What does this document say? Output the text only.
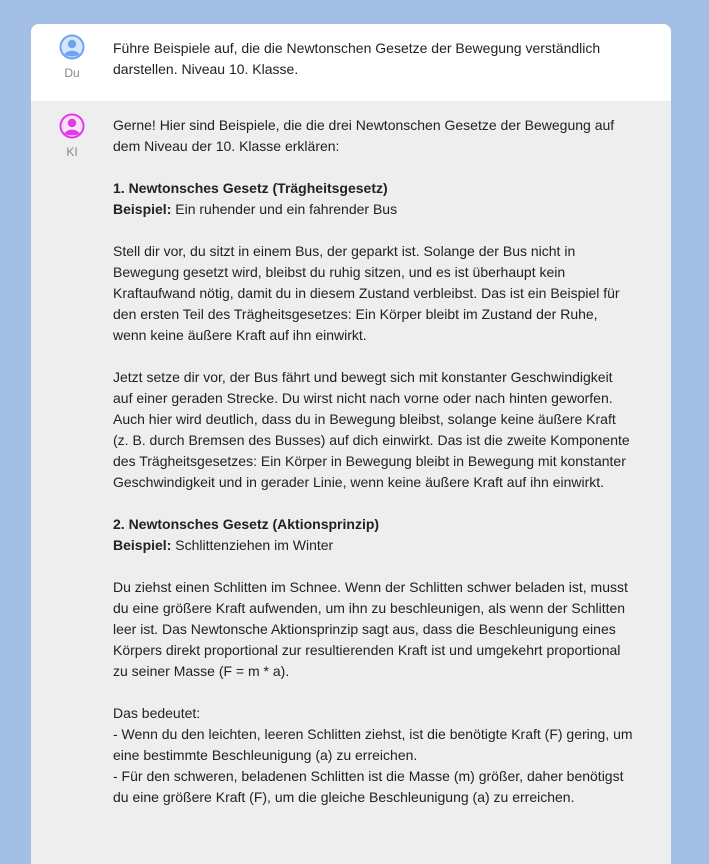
Du

Führe Beispiele auf, die die Newtonschen Gesetze der Bewegung verständlich darstellen. Niveau 10. Klasse.

KI

Gerne! Hier sind Beispiele, die die drei Newtonschen Gesetze der Bewegung auf dem Niveau der 10. Klasse erklären:

1. Newtonsches Gesetz (Trägheitsgesetz)

Beispiel: Ein ruhender und ein fahrender Bus

Stell dir vor, du sitzt in einem Bus, der geparkt ist. Solange der Bus nicht in Bewegung gesetzt wird, bleibst du ruhig sitzen, und es ist überhaupt kein Kraftaufwand nötig, damit du in diesem Zustand verbleibst. Das ist ein Beispiel für den ersten Teil des Trägheitsgesetzes: Ein Körper bleibt im Zustand der Ruhe, wenn keine äußere Kraft auf ihn einwirkt.

Jetzt setze dir vor, der Bus fährt und bewegt sich mit konstanter Geschwindigkeit auf einer geraden Strecke. Du wirst nicht nach vorne oder nach hinten geworfen. Auch hier wird deutlich, dass du in Bewegung bleibst, solange keine äußere Kraft (z. B. durch Bremsen des Busses) auf dich einwirkt. Das ist die zweite Komponente des Trägheitsgesetzes: Ein Körper in Bewegung bleibt in Bewegung mit konstanter Geschwindigkeit und in gerader Linie, wenn keine äußere Kraft auf ihn einwirkt.

2. Newtonsches Gesetz (Aktionsprinzip)

Beispiel: Schlittenziehen im Winter

Du ziehst einen Schlitten im Schnee. Wenn der Schlitten schwer beladen ist, musst du eine größere Kraft aufwenden, um ihn zu beschleunigen, als wenn der Schlitten leer ist. Das Newtonsche Aktionsprinzip sagt aus, dass die Beschleunigung eines Körpers direkt proportional zur resultierenden Kraft ist und umgekehrt proportional zu seiner Masse (F = m * a).

Das bedeutet:

- Wenn du den leichten, leeren Schlitten ziehst, ist die benötigte Kraft (F) gering, um eine bestimmte Beschleunigung (a) zu erreichen.

- Für den schweren, beladenen Schlitten ist die Masse (m) größer, daher benötigst du eine größere Kraft (F), um die gleiche Beschleunigung (a) zu erreichen.
